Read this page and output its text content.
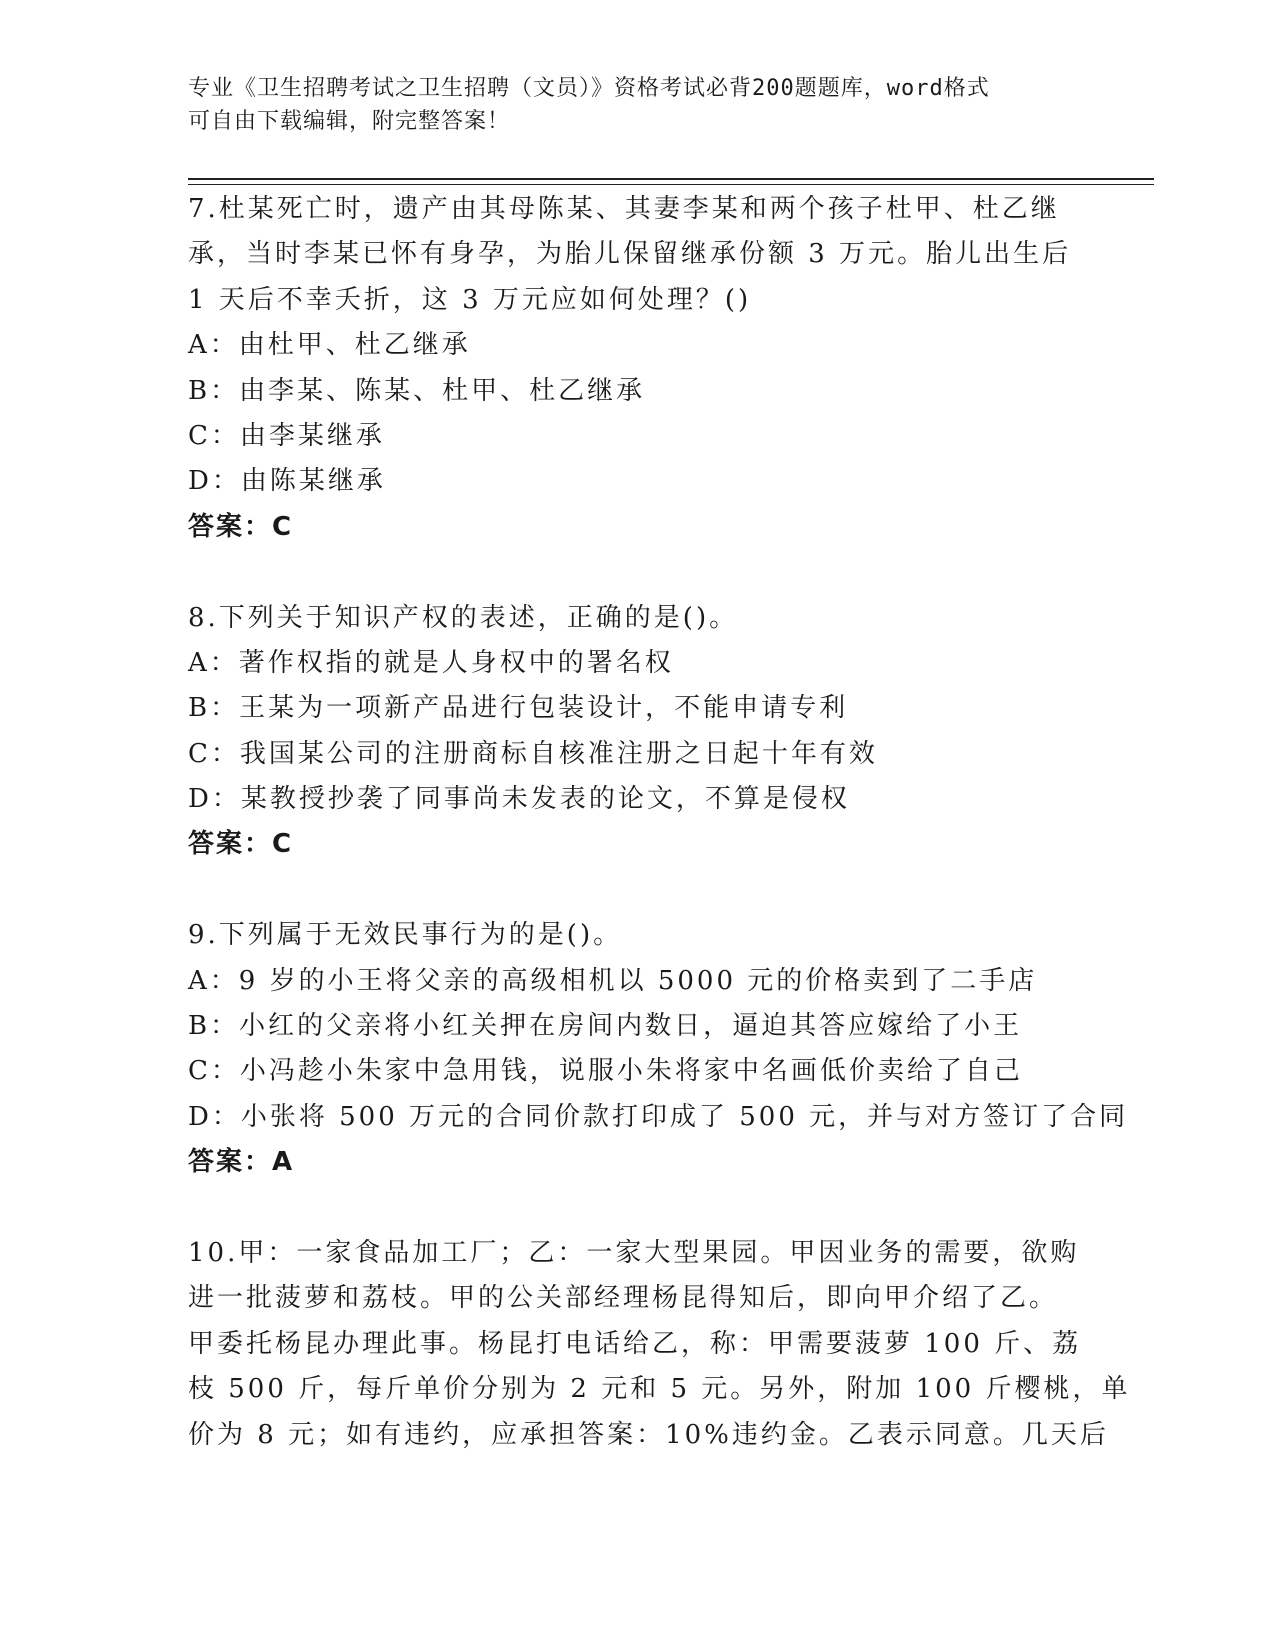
专业《卫生招聘考试之卫生招聘（文员）》资格考试必背200题题库，word格式
可自由下载编辑，附完整答案！
7.杜某死亡时，遗产由其母陈某、其妻李某和两个孩子杜甲、杜乙继
承，当时李某已怀有身孕，为胎儿保留继承份额 3 万元。胎儿出生后
1 天后不幸夭折，这 3 万元应如何处理？()
A：由杜甲、杜乙继承
B：由李某、陈某、杜甲、杜乙继承
C：由李某继承
D：由陈某继承
答案：C
8.下列关于知识产权的表述，正确的是()。
A：著作权指的就是人身权中的署名权
B：王某为一项新产品进行包装设计，不能申请专利
C：我国某公司的注册商标自核准注册之日起十年有效
D：某教授抄袭了同事尚未发表的论文，不算是侵权
答案：C
9.下列属于无效民事行为的是()。
A：9 岁的小王将父亲的高级相机以 5000 元的价格卖到了二手店
B：小红的父亲将小红关押在房间内数日，逼迫其答应嫁给了小王
C：小冯趁小朱家中急用钱，说服小朱将家中名画低价卖给了自己
D：小张将 500 万元的合同价款打印成了 500 元，并与对方签订了合同
答案：A
10.甲：一家食品加工厂；乙：一家大型果园。甲因业务的需要，欲购
进一批菠萝和荔枝。甲的公关部经理杨昆得知后，即向甲介绍了乙。
甲委托杨昆办理此事。杨昆打电话给乙，称：甲需要菠萝 100 斤、荔
枝 500 斤，每斤单价分别为 2 元和 5 元。另外，附加 100 斤樱桃，单
价为 8 元；如有违约，应承担答案：10%违约金。乙表示同意。几天后
